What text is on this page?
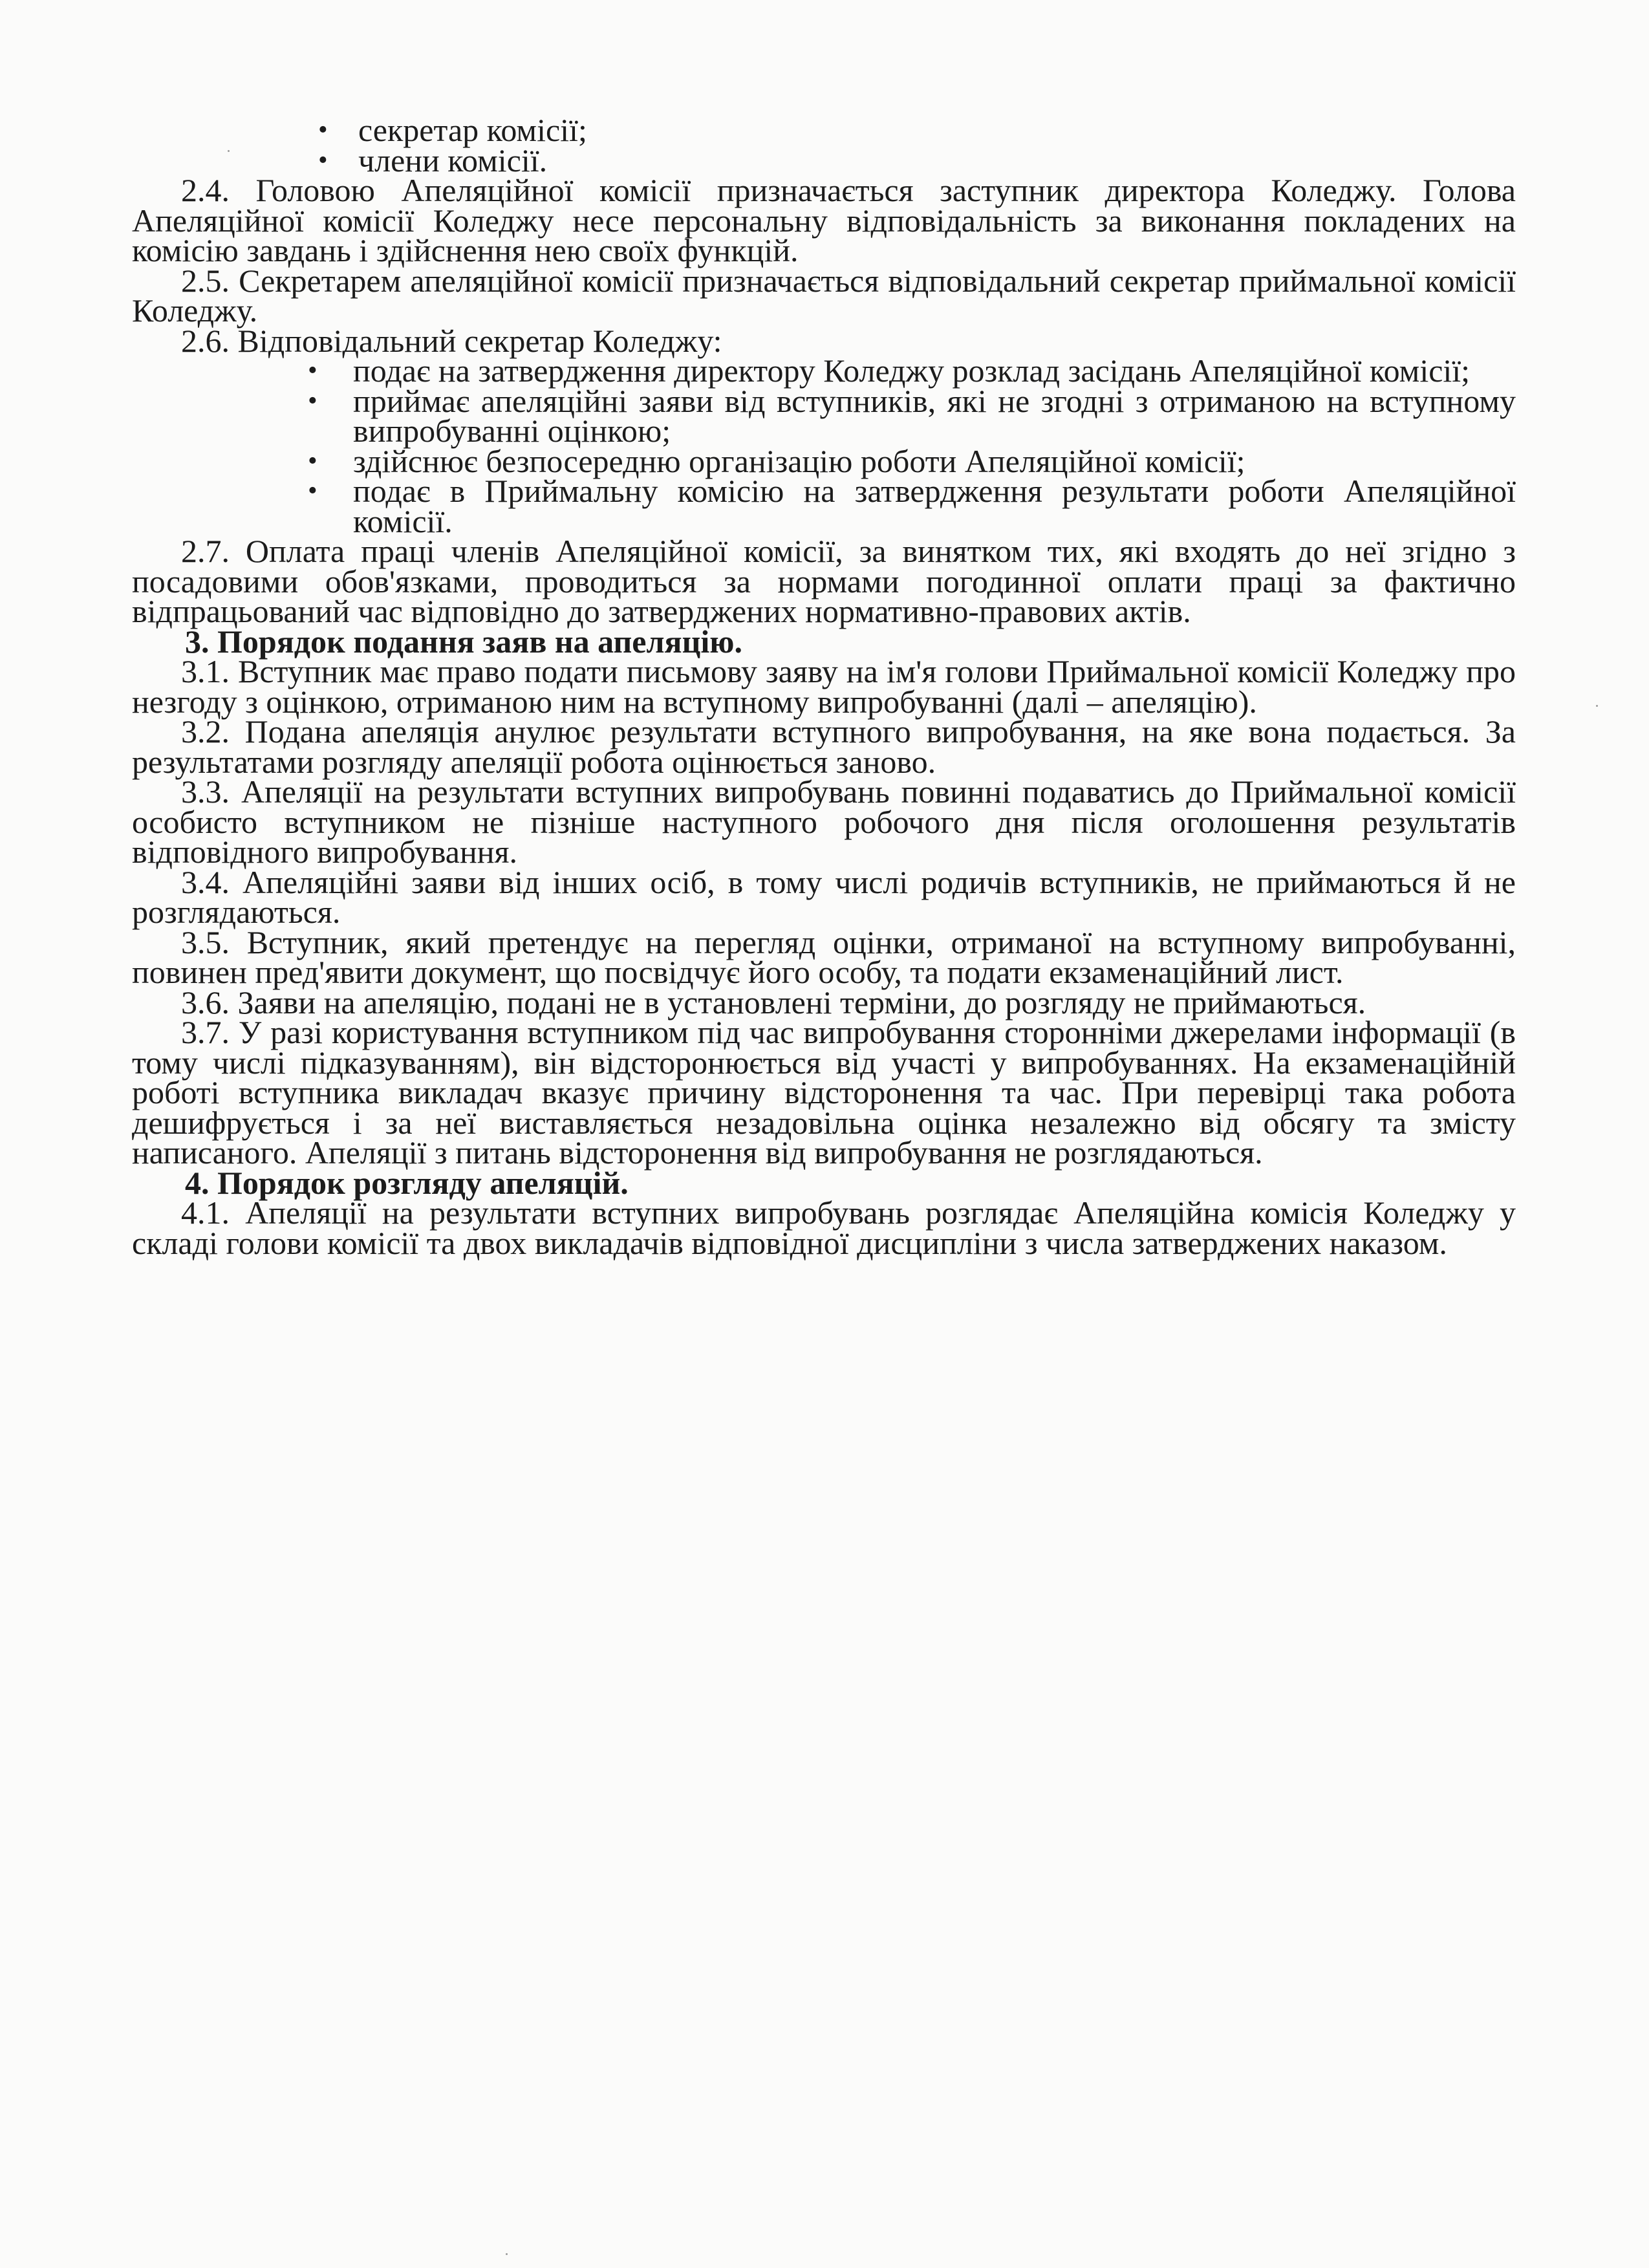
• секретар комісії;
• члени комісії.

2.4. Головою Апеляційної комісії призначається заступник директора Коледжу. Голова Апеляційної комісії Коледжу несе персональну відповідальність за виконання покладених на комісію завдань і здійснення нею своїх функцій.

2.5. Секретарем апеляційної комісії призначається відповідальний секретар приймальної комісії Коледжу.

2.6. Відповідальний секретар Коледжу:

•	подає на затвердження директору Коледжу розклад засідань Апеляційної комісії;
•	приймає апеляційні заяви від вступників, які не згодні з отриманою на вступному випробуванні оцінкою;
•	здійснює безпосередню організацію роботи Апеляційної комісії;
•	подає в Приймальну комісію на затвердження результати роботи Апеляційної комісії.

2.7. Оплата праці членів Апеляційної комісії, за винятком тих, які входять до неї згідно з посадовими обов'язками, проводиться за нормами погодинної оплати праці за фактично відпрацьований час відповідно до затверджених нормативно-правових актів.

3. Порядок подання заяв на апеляцію.

3.1. Вступник має право подати письмову заяву на ім'я голови Приймальної комісії Коледжу про незгоду з оцінкою, отриманою ним на вступному випробуванні (далі – апеляцію).

3.2. Подана апеляція анулює результати вступного випробування, на яке вона подається. За результатами розгляду апеляції робота оцінюється заново.

3.3. Апеляції на результати вступних випробувань повинні подаватись до Приймальної комісії особисто вступником не пізніше наступного робочого дня після оголошення результатів відповідного випробування.

3.4. Апеляційні заяви від інших осіб, в тому числі родичів вступників, не приймаються й не розглядаються.

3.5. Вступник, який претендує на перегляд оцінки, отриманої на вступному випробуванні, повинен пред'явити документ, що посвідчує його особу, та подати екзаменаційний лист.

3.6. Заяви на апеляцію, подані не в установлені терміни, до розгляду не приймаються.

3.7. У разі користування вступником під час випробування сторонніми джерелами інформації (в тому числі підказуванням), він відсторонюється від участі у випробуваннях. На екзаменаційній роботі вступника викладач вказує причину відсторонення та час. При перевірці така робота дешифрується і за неї виставляється незадовільна оцінка незалежно від обсягу та змісту написаного. Апеляції з питань відсторонення від випробування не розглядаються.

4. Порядок розгляду апеляцій.

4.1. Апеляції на результати вступних випробувань розглядає Апеляційна комісія Коледжу у складі голови комісії та двох викладачів відповідної дисципліни з числа затверджених наказом.
